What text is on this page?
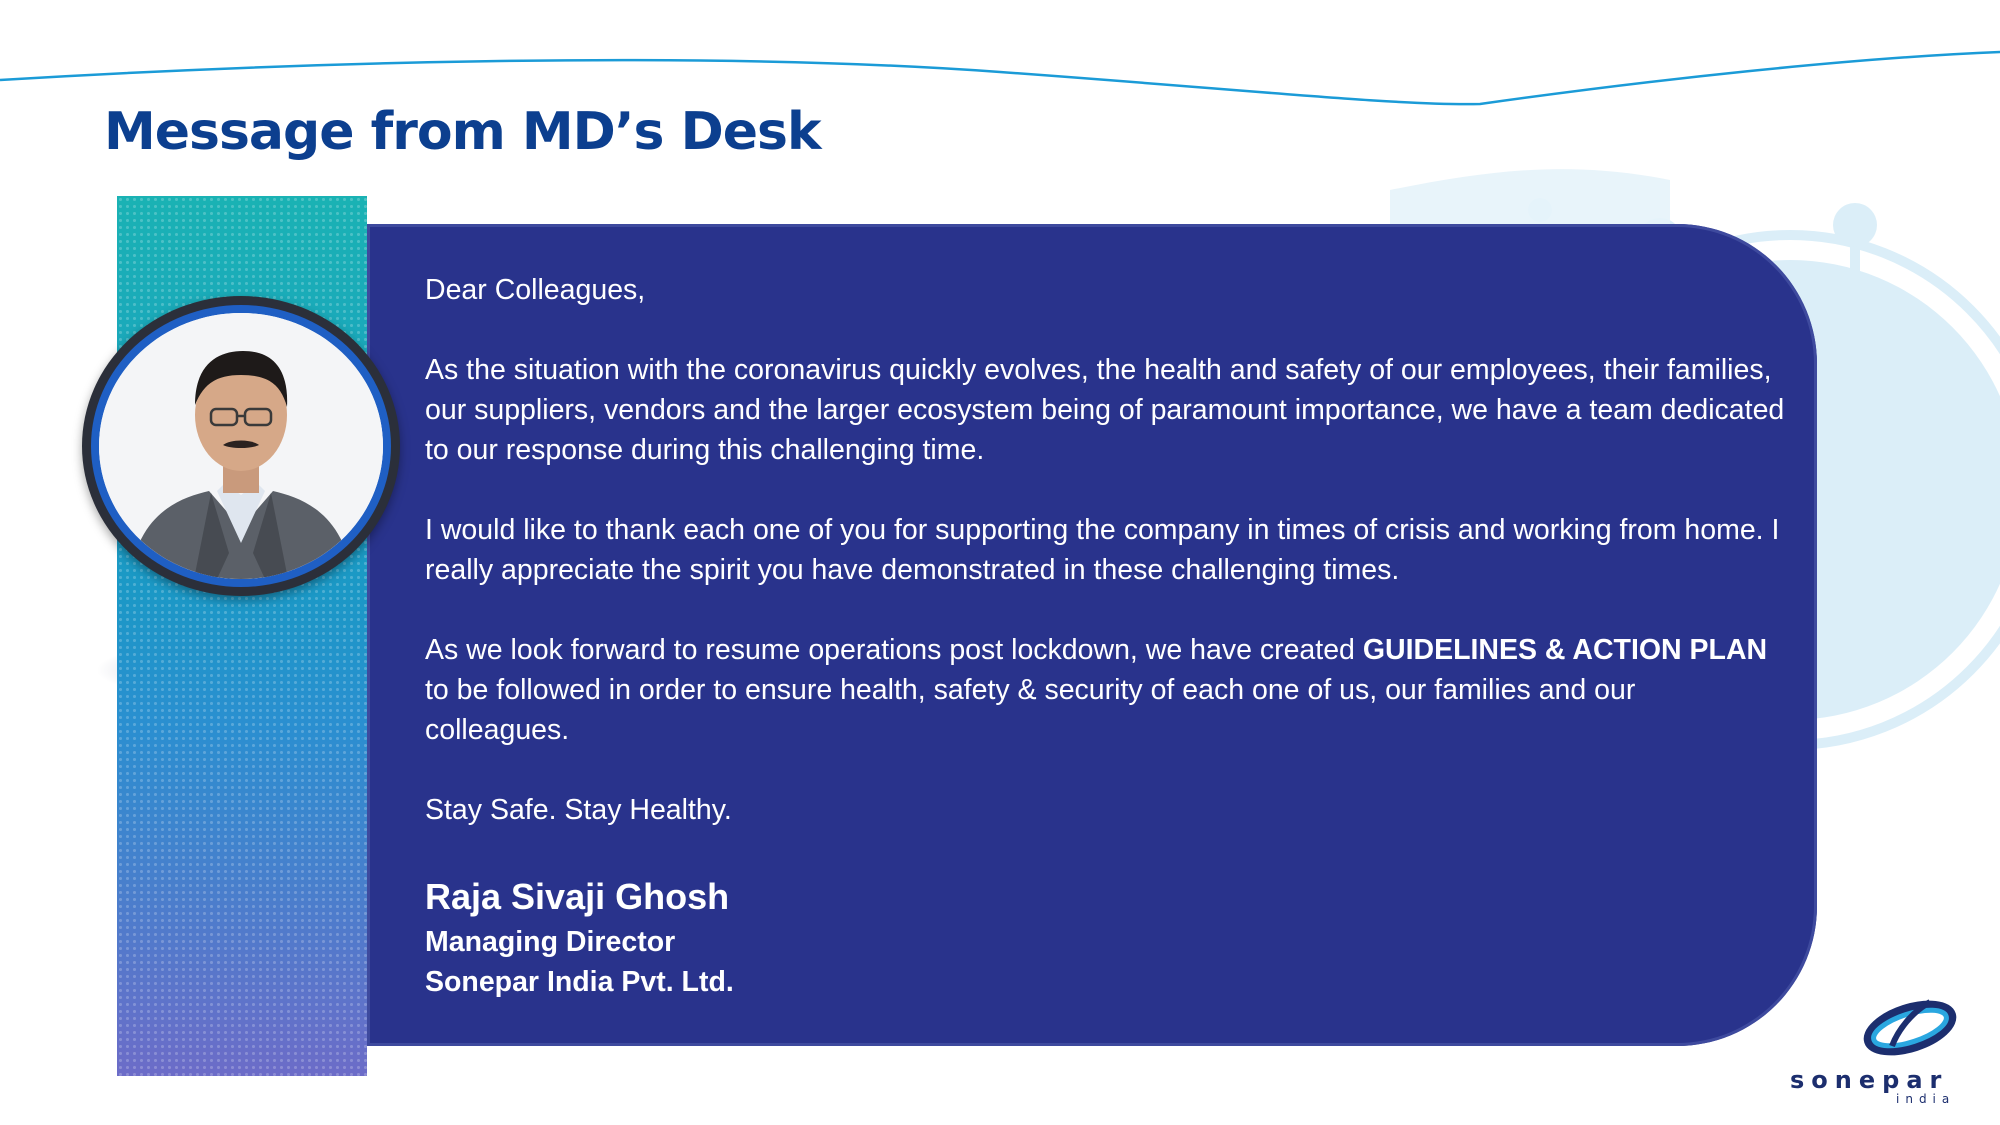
Message from MD’s Desk

Dear Colleagues,

As the situation with the coronavirus quickly evolves, the health and safety of our employees, their families, our suppliers, vendors and the larger ecosystem being of paramount importance, we have a team dedicated to our response during this challenging time.

I would like to thank each one of you for supporting the company in times of crisis and working from home. I really appreciate the spirit you have demonstrated in these challenging times.

As we look forward to resume operations post lockdown, we have created GUIDELINES & ACTION PLAN to be followed in order to ensure health, safety & security of each one of us, our families and our colleagues.

Stay Safe. Stay Healthy.

Raja Sivaji Ghosh

Managing Director
Sonepar India Pvt. Ltd.
sonepar
india
